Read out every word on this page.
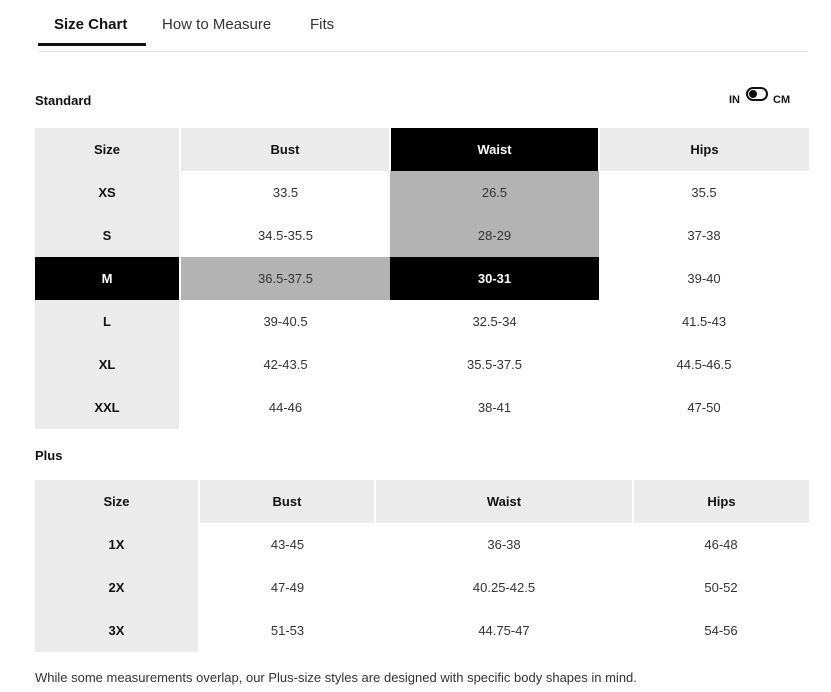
Size Chart How to Measure	Fits
Standard	IN	CM
Size	Bust	Waist	Hips
XS	33.5	26.5	35.5
S	34.5-35.5	28-29	37-38
M	36.5-37.5	30-31	39-40
L	39-40.5	32.5-34	41.5-43
XL	42-43.5	35.5-37.5	44.5-46.5
XXL	44-46	38-41	47-50
Plus
Size	Bust	Waist	Hips
1X	43-45	36-38	46-48
2X	47-49	40.25-42.5	50-52
3X	51-53	44.75-47	54-56
While some measurements overlap, our Plus-size styles are designed with specific body shapes in mind.
